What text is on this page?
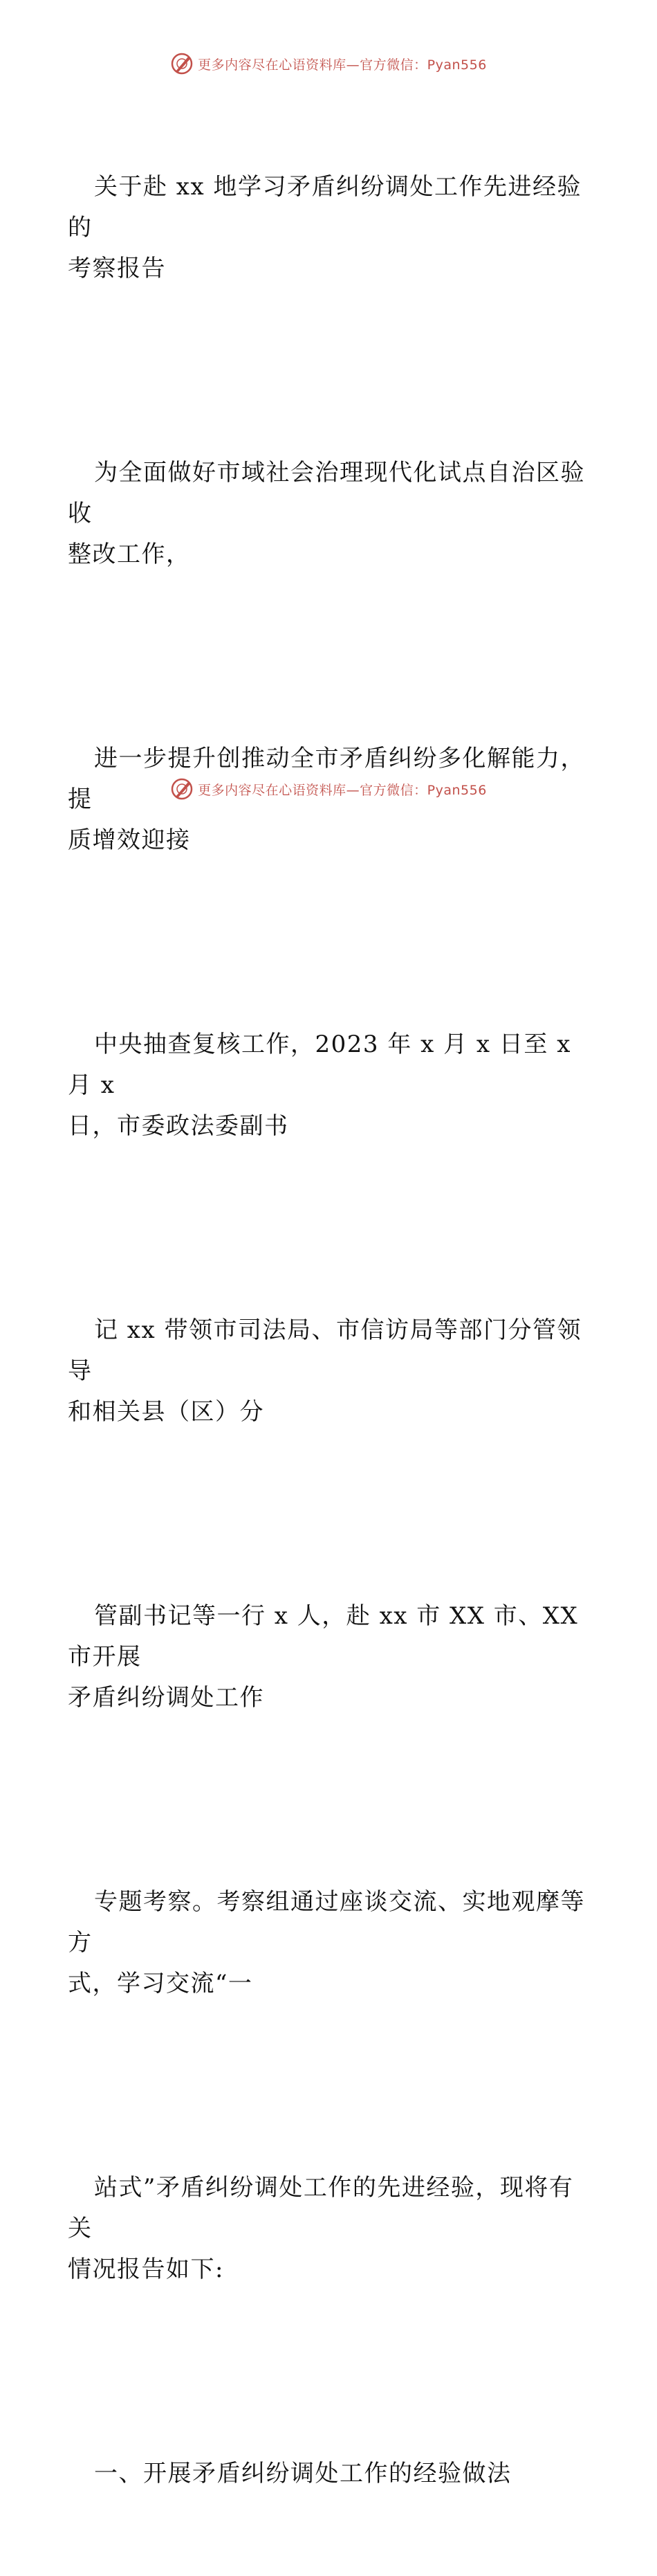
更多内容尽在心语资料库—官方微信：Pyan556

关于赴 xx 地学习矛盾纠纷调处工作先进经验的
考察报告

为全面做好市域社会治理现代化试点自治区验收
整改工作，

进一步提升创推动全市矛盾纠纷多化解能力，提
质增效迎接

中央抽查复核工作，2023 年 x 月 x 日至 x 月 x
日，市委政法委副书

记 xx 带领市司法局、市信访局等部门分管领导
和相关县（区）分

管副书记等一行 x 人，赴 xx 市 XX 市、XX 市开展
矛盾纠纷调处工作

专题考察。考察组通过座谈交流、实地观摩等方
式，学习交流“一

站式”矛盾纠纷调处工作的先进经验，现将有关
情况报告如下:

一、开展矛盾纠纷调处工作的经验做法

更多内容尽在心语资料库—官方微信：Pyan556
